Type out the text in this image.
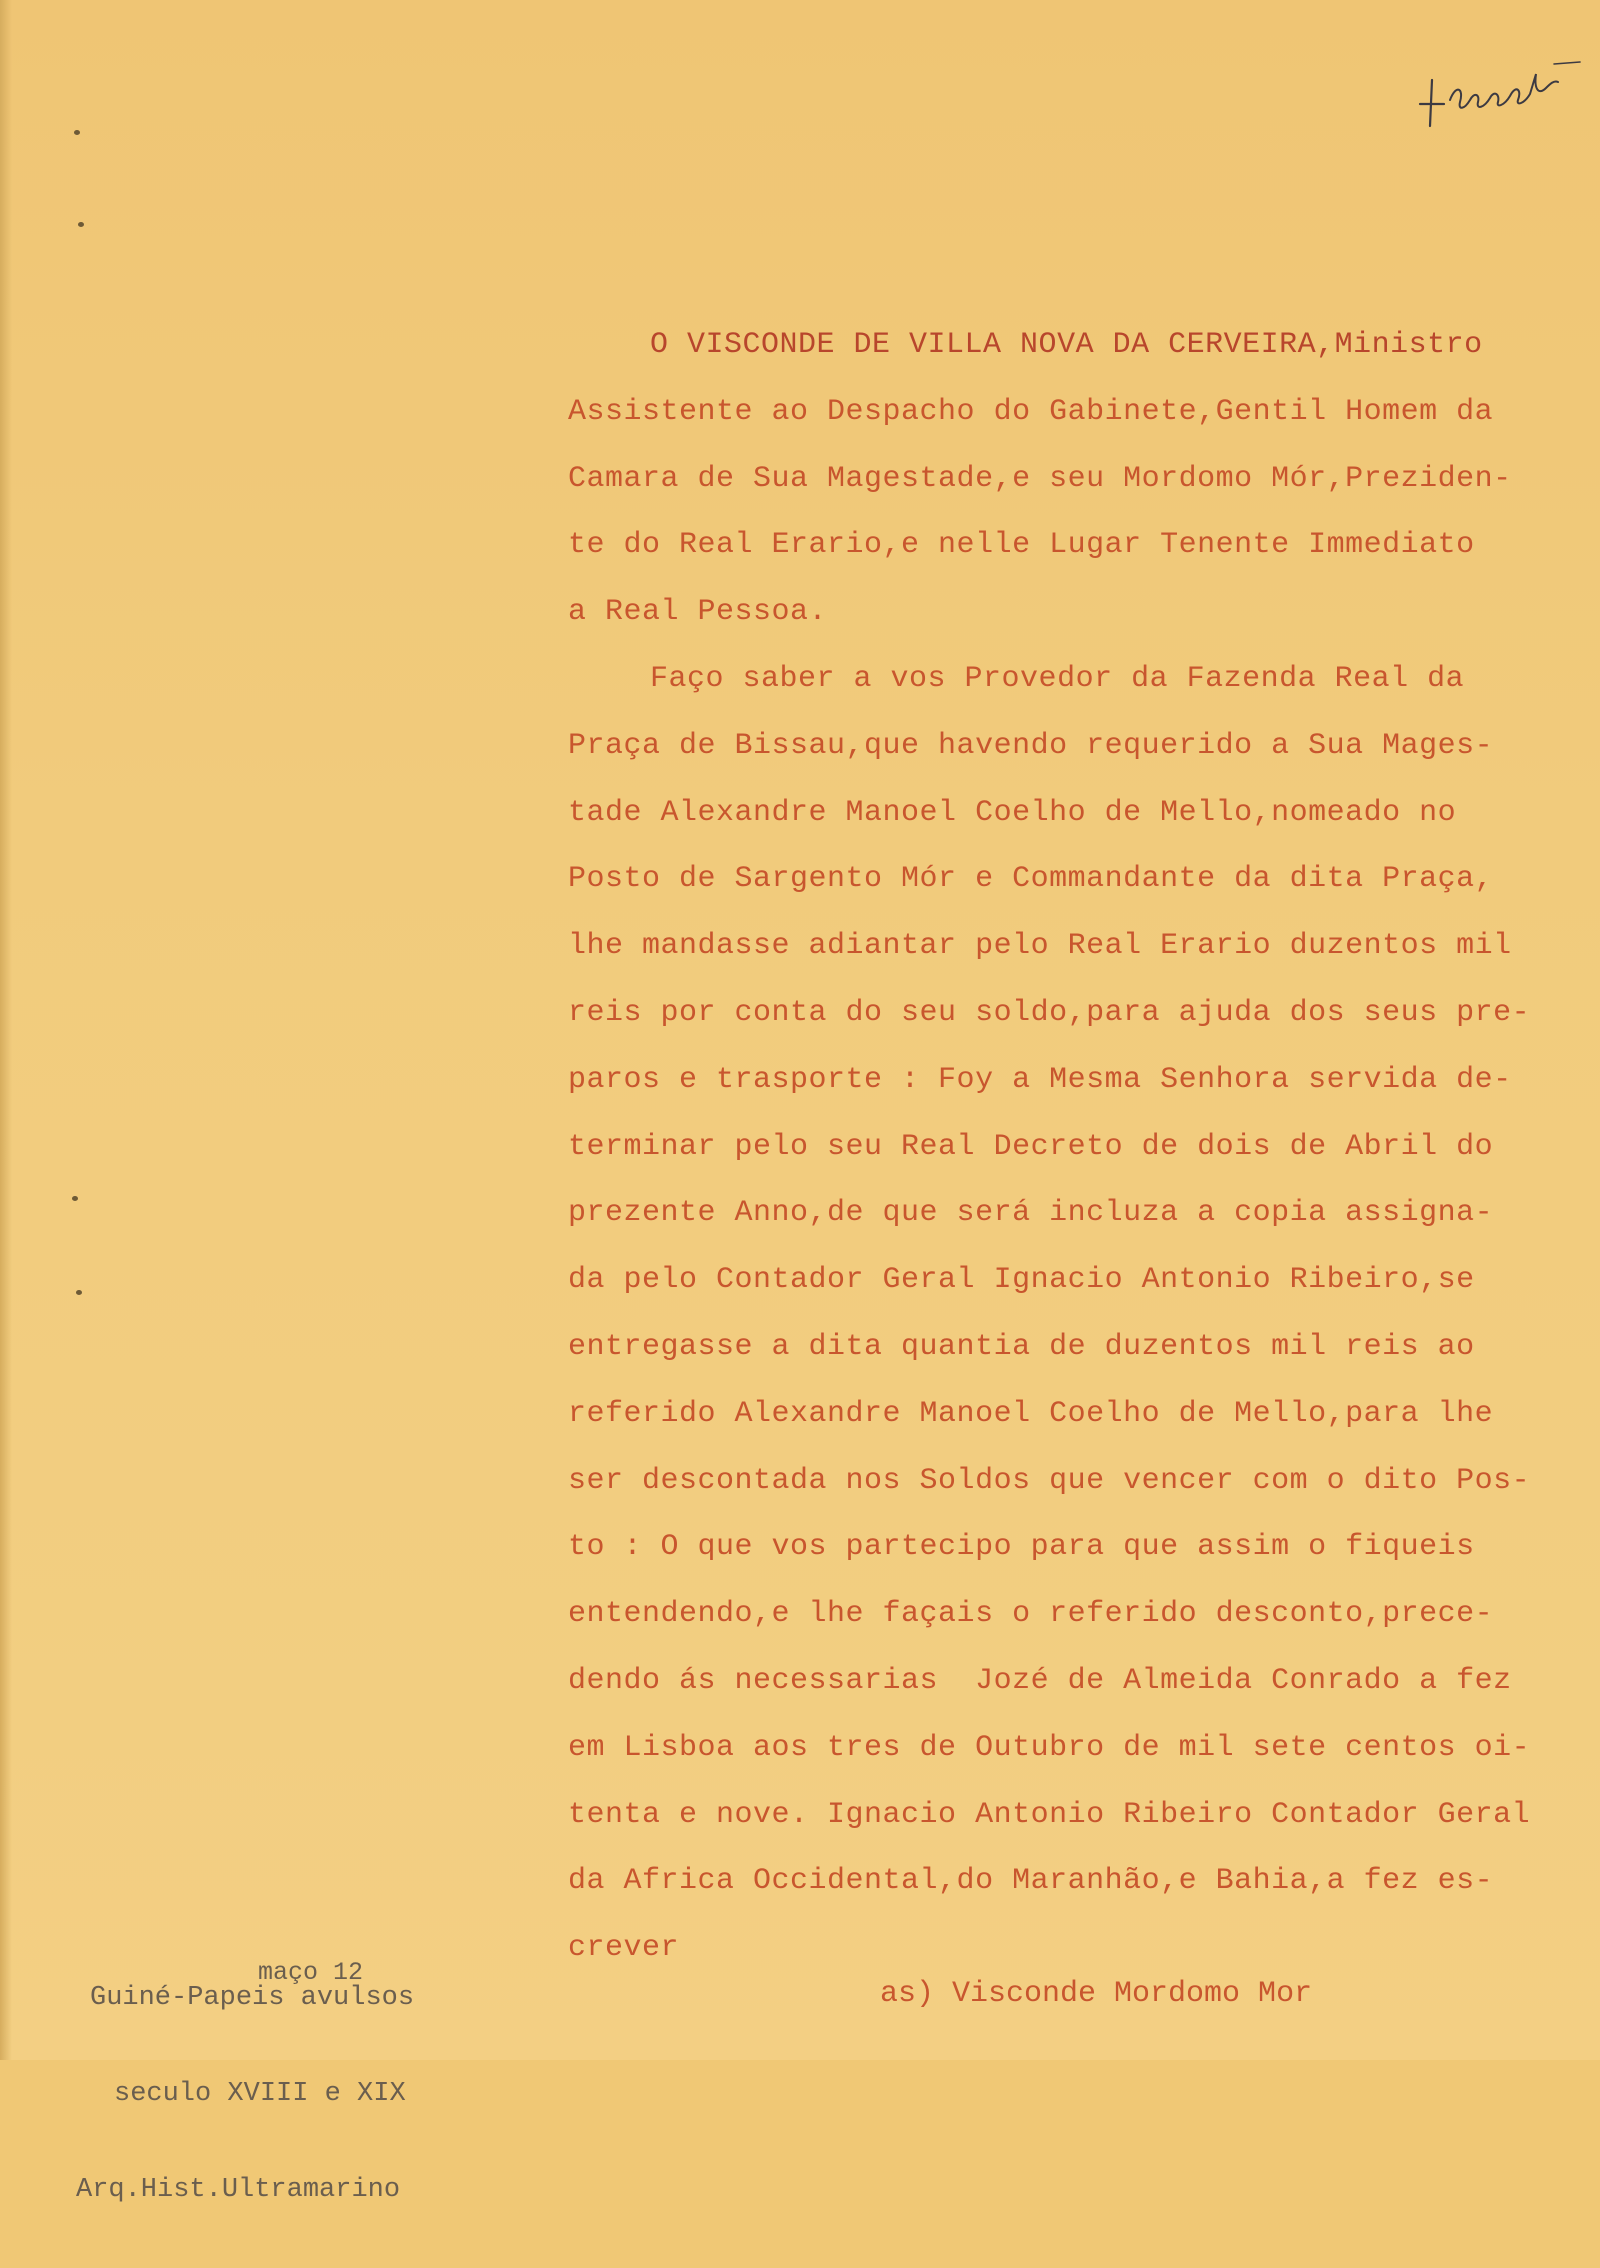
O VISCONDE DE VILLA NOVA DA CERVEIRA,Ministro
Assistente ao Despacho do Gabinete,Gentil Homem da
Camara de Sua Magestade,e seu Mordomo Mór,Preziden-
te do Real Erario,e nelle Lugar Tenente Immediato
a Real Pessoa.
Faço saber a vos Provedor da Fazenda Real da
Praça de Bissau,que havendo requerido a Sua Mages-
tade Alexandre Manoel Coelho de Mello,nomeado no
Posto de Sargento Mór e Commandante da dita Praça,
lhe mandasse adiantar pelo Real Erario duzentos mil
reis por conta do seu soldo,para ajuda dos seus pre-
paros e trasporte : Foy a Mesma Senhora servida de-
terminar pelo seu Real Decreto de dois de Abril do
prezente Anno,de que será incluza a copia assigna-
da pelo Contador Geral Ignacio Antonio Ribeiro,se
entregasse a dita quantia de duzentos mil reis ao
referido Alexandre Manoel Coelho de Mello,para lhe
ser descontada nos Soldos que vencer com o dito Pos-
to : O que vos partecipo para que assim o fiqueis
entendendo,e lhe façais o referido desconto,prece-
dendo ás necessarias  Jozé de Almeida Conrado a fez
em Lisboa aos tres de Outubro de mil sete centos oi-
tenta e nove. Ignacio Antonio Ribeiro Contador Geral
da Africa Occidental,do Maranhão,e Bahia,a fez es-
crever
as) Visconde Mordomo Mor

Guiné-Papeis avulsos

seculo XVIII e XIX

Arq.Hist.Ultramarino

maço 12
